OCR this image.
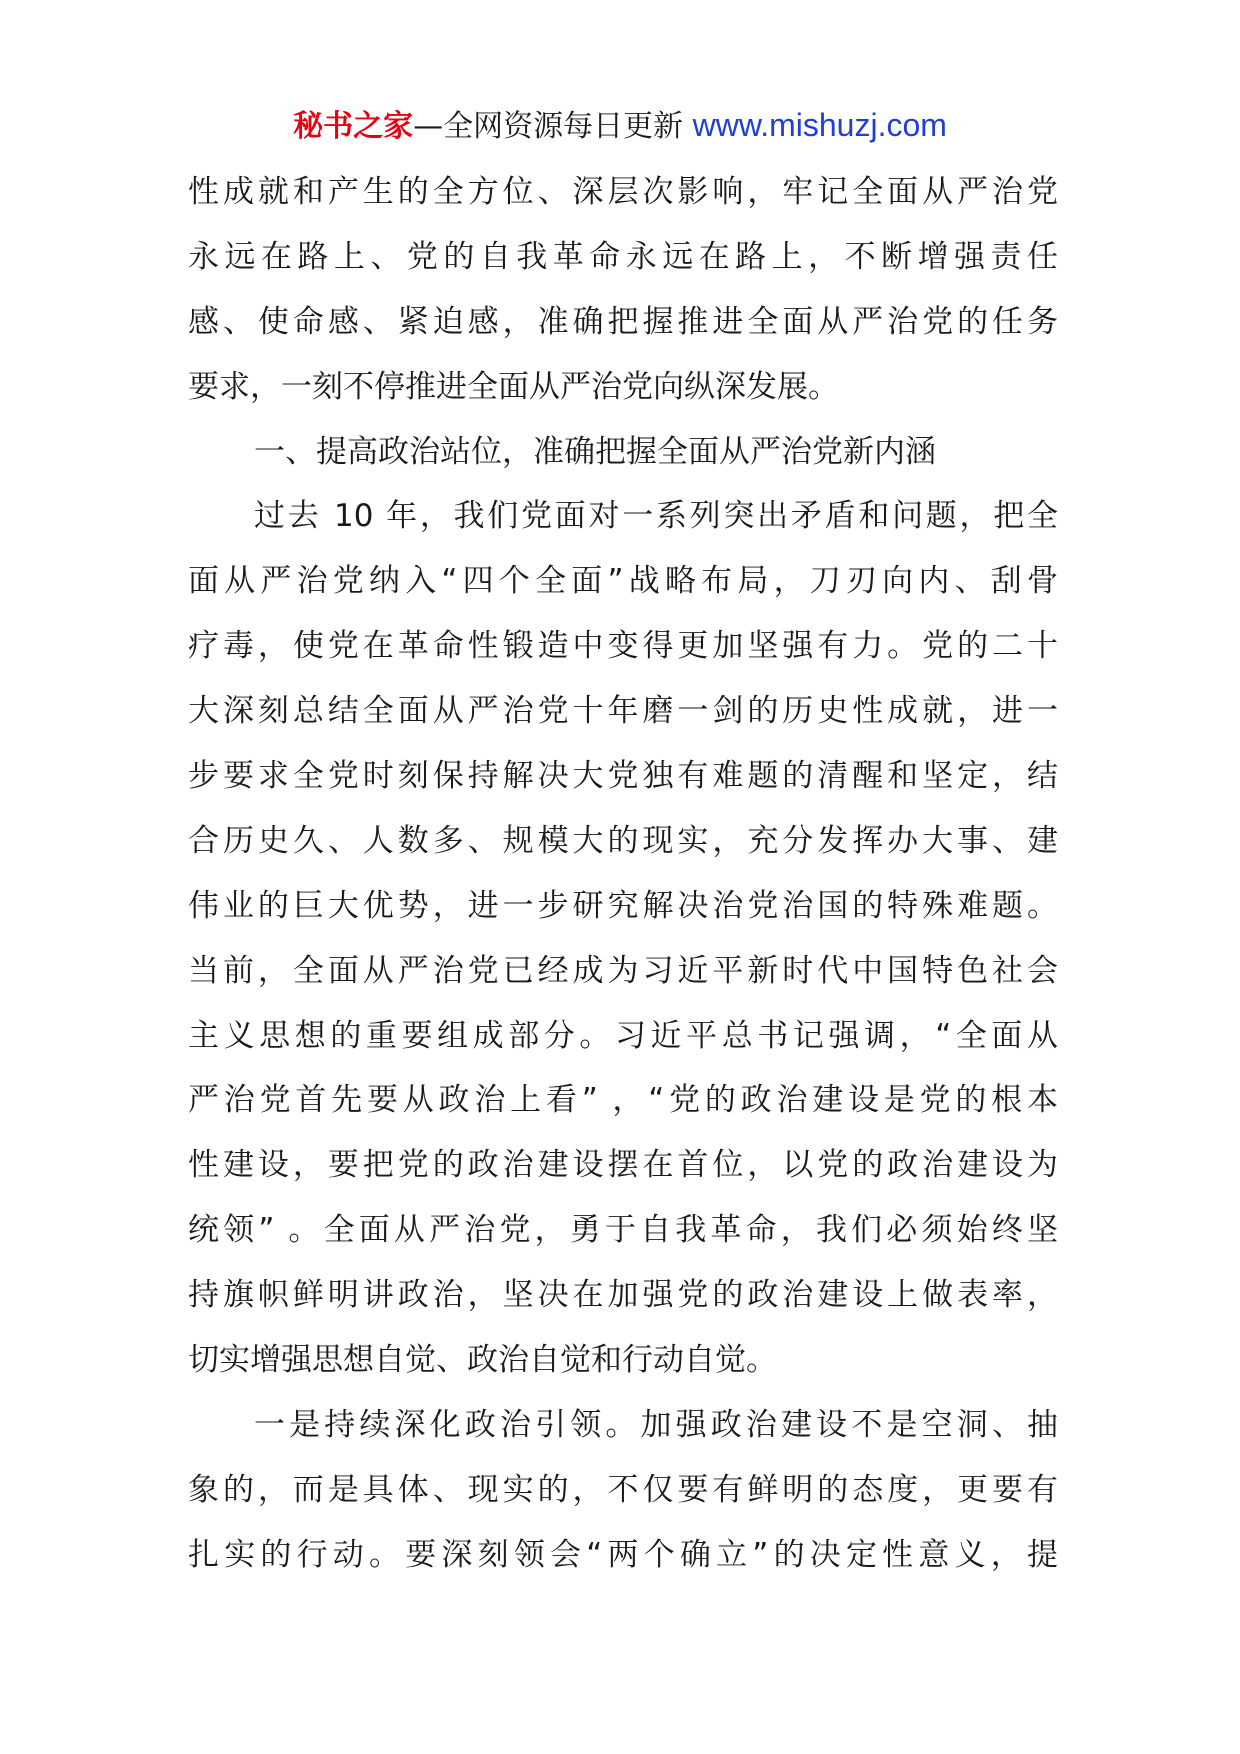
秘书之家—全网资源每日更新 www.mishuzj.com
性成就和产生的全方位、深层次影响，牢记全面从严治党
永远在路上、党的自我革命永远在路上，不断增强责任
感、使命感、紧迫感，准确把握推进全面从严治党的任务
要求，一刻不停推进全面从严治党向纵深发展。
一、提高政治站位，准确把握全面从严治党新内涵
过去 10 年，我们党面对一系列突出矛盾和问题，把全
面从严治党纳入“四个全面”战略布局，刀刃向内、刮骨
疗毒，使党在革命性锻造中变得更加坚强有力。党的二十
大深刻总结全面从严治党十年磨一剑的历史性成就，进一
步要求全党时刻保持解决大党独有难题的清醒和坚定，结
合历史久、人数多、规模大的现实，充分发挥办大事、建
伟业的巨大优势，进一步研究解决治党治国的特殊难题。
当前，全面从严治党已经成为习近平新时代中国特色社会
主义思想的重要组成部分。习近平总书记强调，“全面从
严治党首先要从政治上看” ，“党的政治建设是党的根本
性建设，要把党的政治建设摆在首位，以党的政治建设为
统领” 。全面从严治党，勇于自我革命，我们必须始终坚
持旗帜鲜明讲政治，坚决在加强党的政治建设上做表率，
切实增强思想自觉、政治自觉和行动自觉。
一是持续深化政治引领。加强政治建设不是空洞、抽
象的，而是具体、现实的，不仅要有鲜明的态度，更要有
扎实的行动。要深刻领会“两个确立”的决定性意义，提
